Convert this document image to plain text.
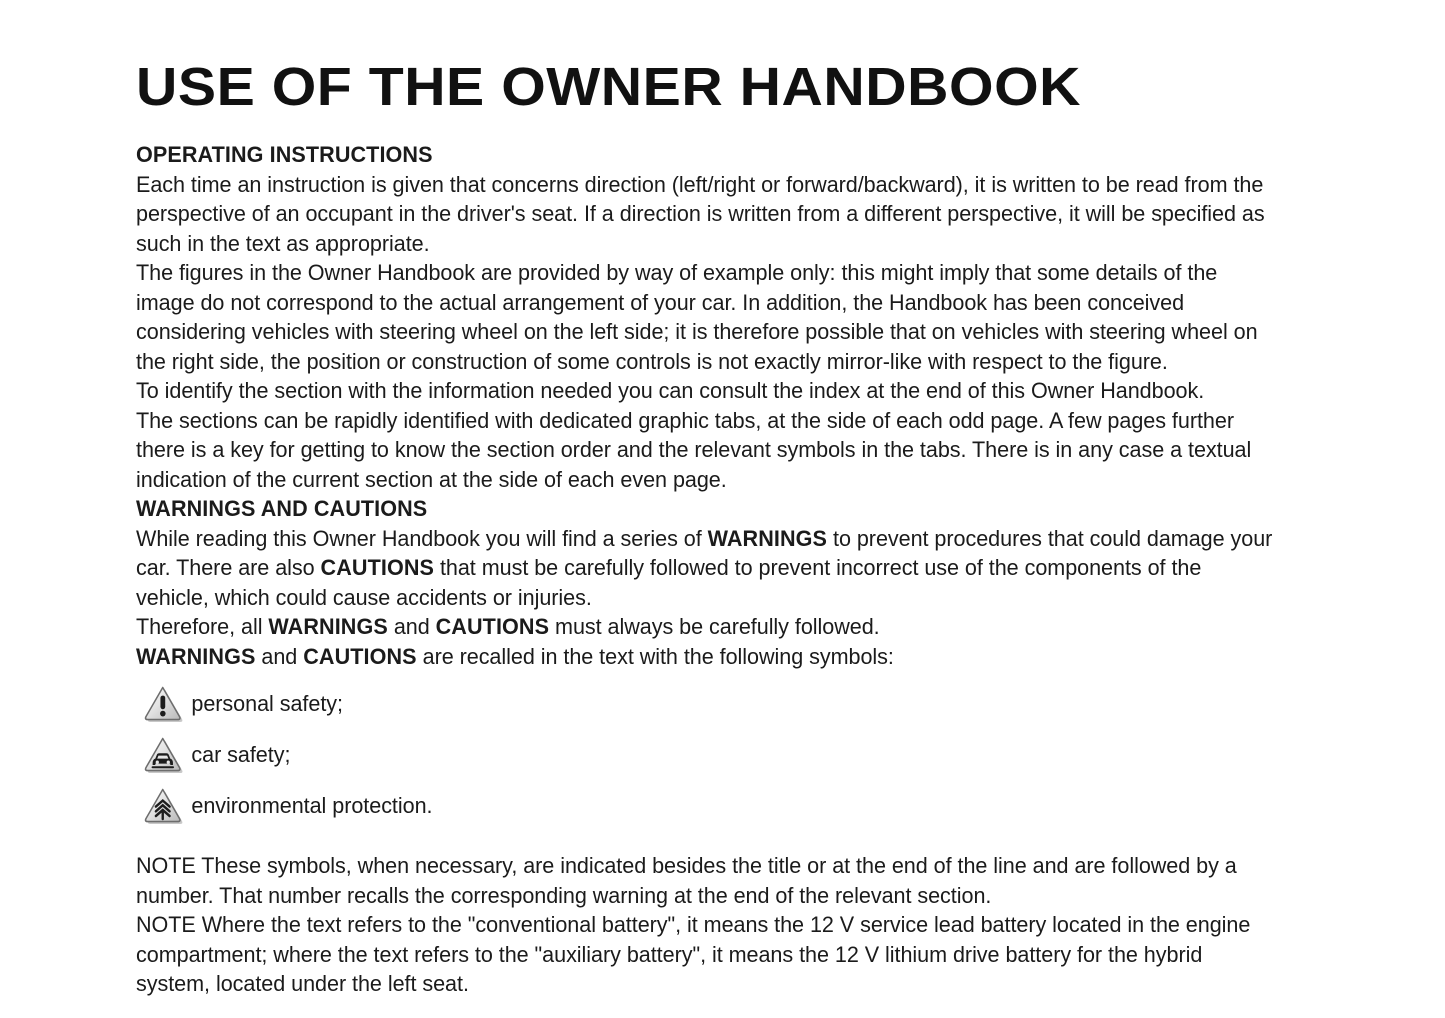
USE OF THE OWNER HANDBOOK
OPERATING INSTRUCTIONS

Each time an instruction is given that concerns direction (left/right or forward/backward), it is written to be read from the perspective of an occupant in the driver's seat. If a direction is written from a different perspective, it will be specified as such in the text as appropriate.

The figures in the Owner Handbook are provided by way of example only: this might imply that some details of the image do not correspond to the actual arrangement of your car. In addition, the Handbook has been conceived considering vehicles with steering wheel on the left side; it is therefore possible that on vehicles with steering wheel on the right side, the position or construction of some controls is not exactly mirror-like with respect to the figure.

To identify the section with the information needed you can consult the index at the end of this Owner Handbook.

The sections can be rapidly identified with dedicated graphic tabs, at the side of each odd page. A few pages further there is a key for getting to know the section order and the relevant symbols in the tabs. There is in any case a textual indication of the current section at the side of each even page.

WARNINGS AND CAUTIONS

While reading this Owner Handbook you will find a series of WARNINGS to prevent procedures that could damage your car. There are also CAUTIONS that must be carefully followed to prevent incorrect use of the components of the vehicle, which could cause accidents or injuries.

Therefore, all WARNINGS and CAUTIONS must always be carefully followed.

WARNINGS and CAUTIONS are recalled in the text with the following symbols:

personal safety;
car safety;
environmental protection.

NOTE These symbols, when necessary, are indicated besides the title or at the end of the line and are followed by a number. That number recalls the corresponding warning at the end of the relevant section.

NOTE Where the text refers to the "conventional battery", it means the 12 V service lead battery located in the engine compartment; where the text refers to the "auxiliary battery", it means the 12 V lithium drive battery for the hybrid system, located under the left seat.
